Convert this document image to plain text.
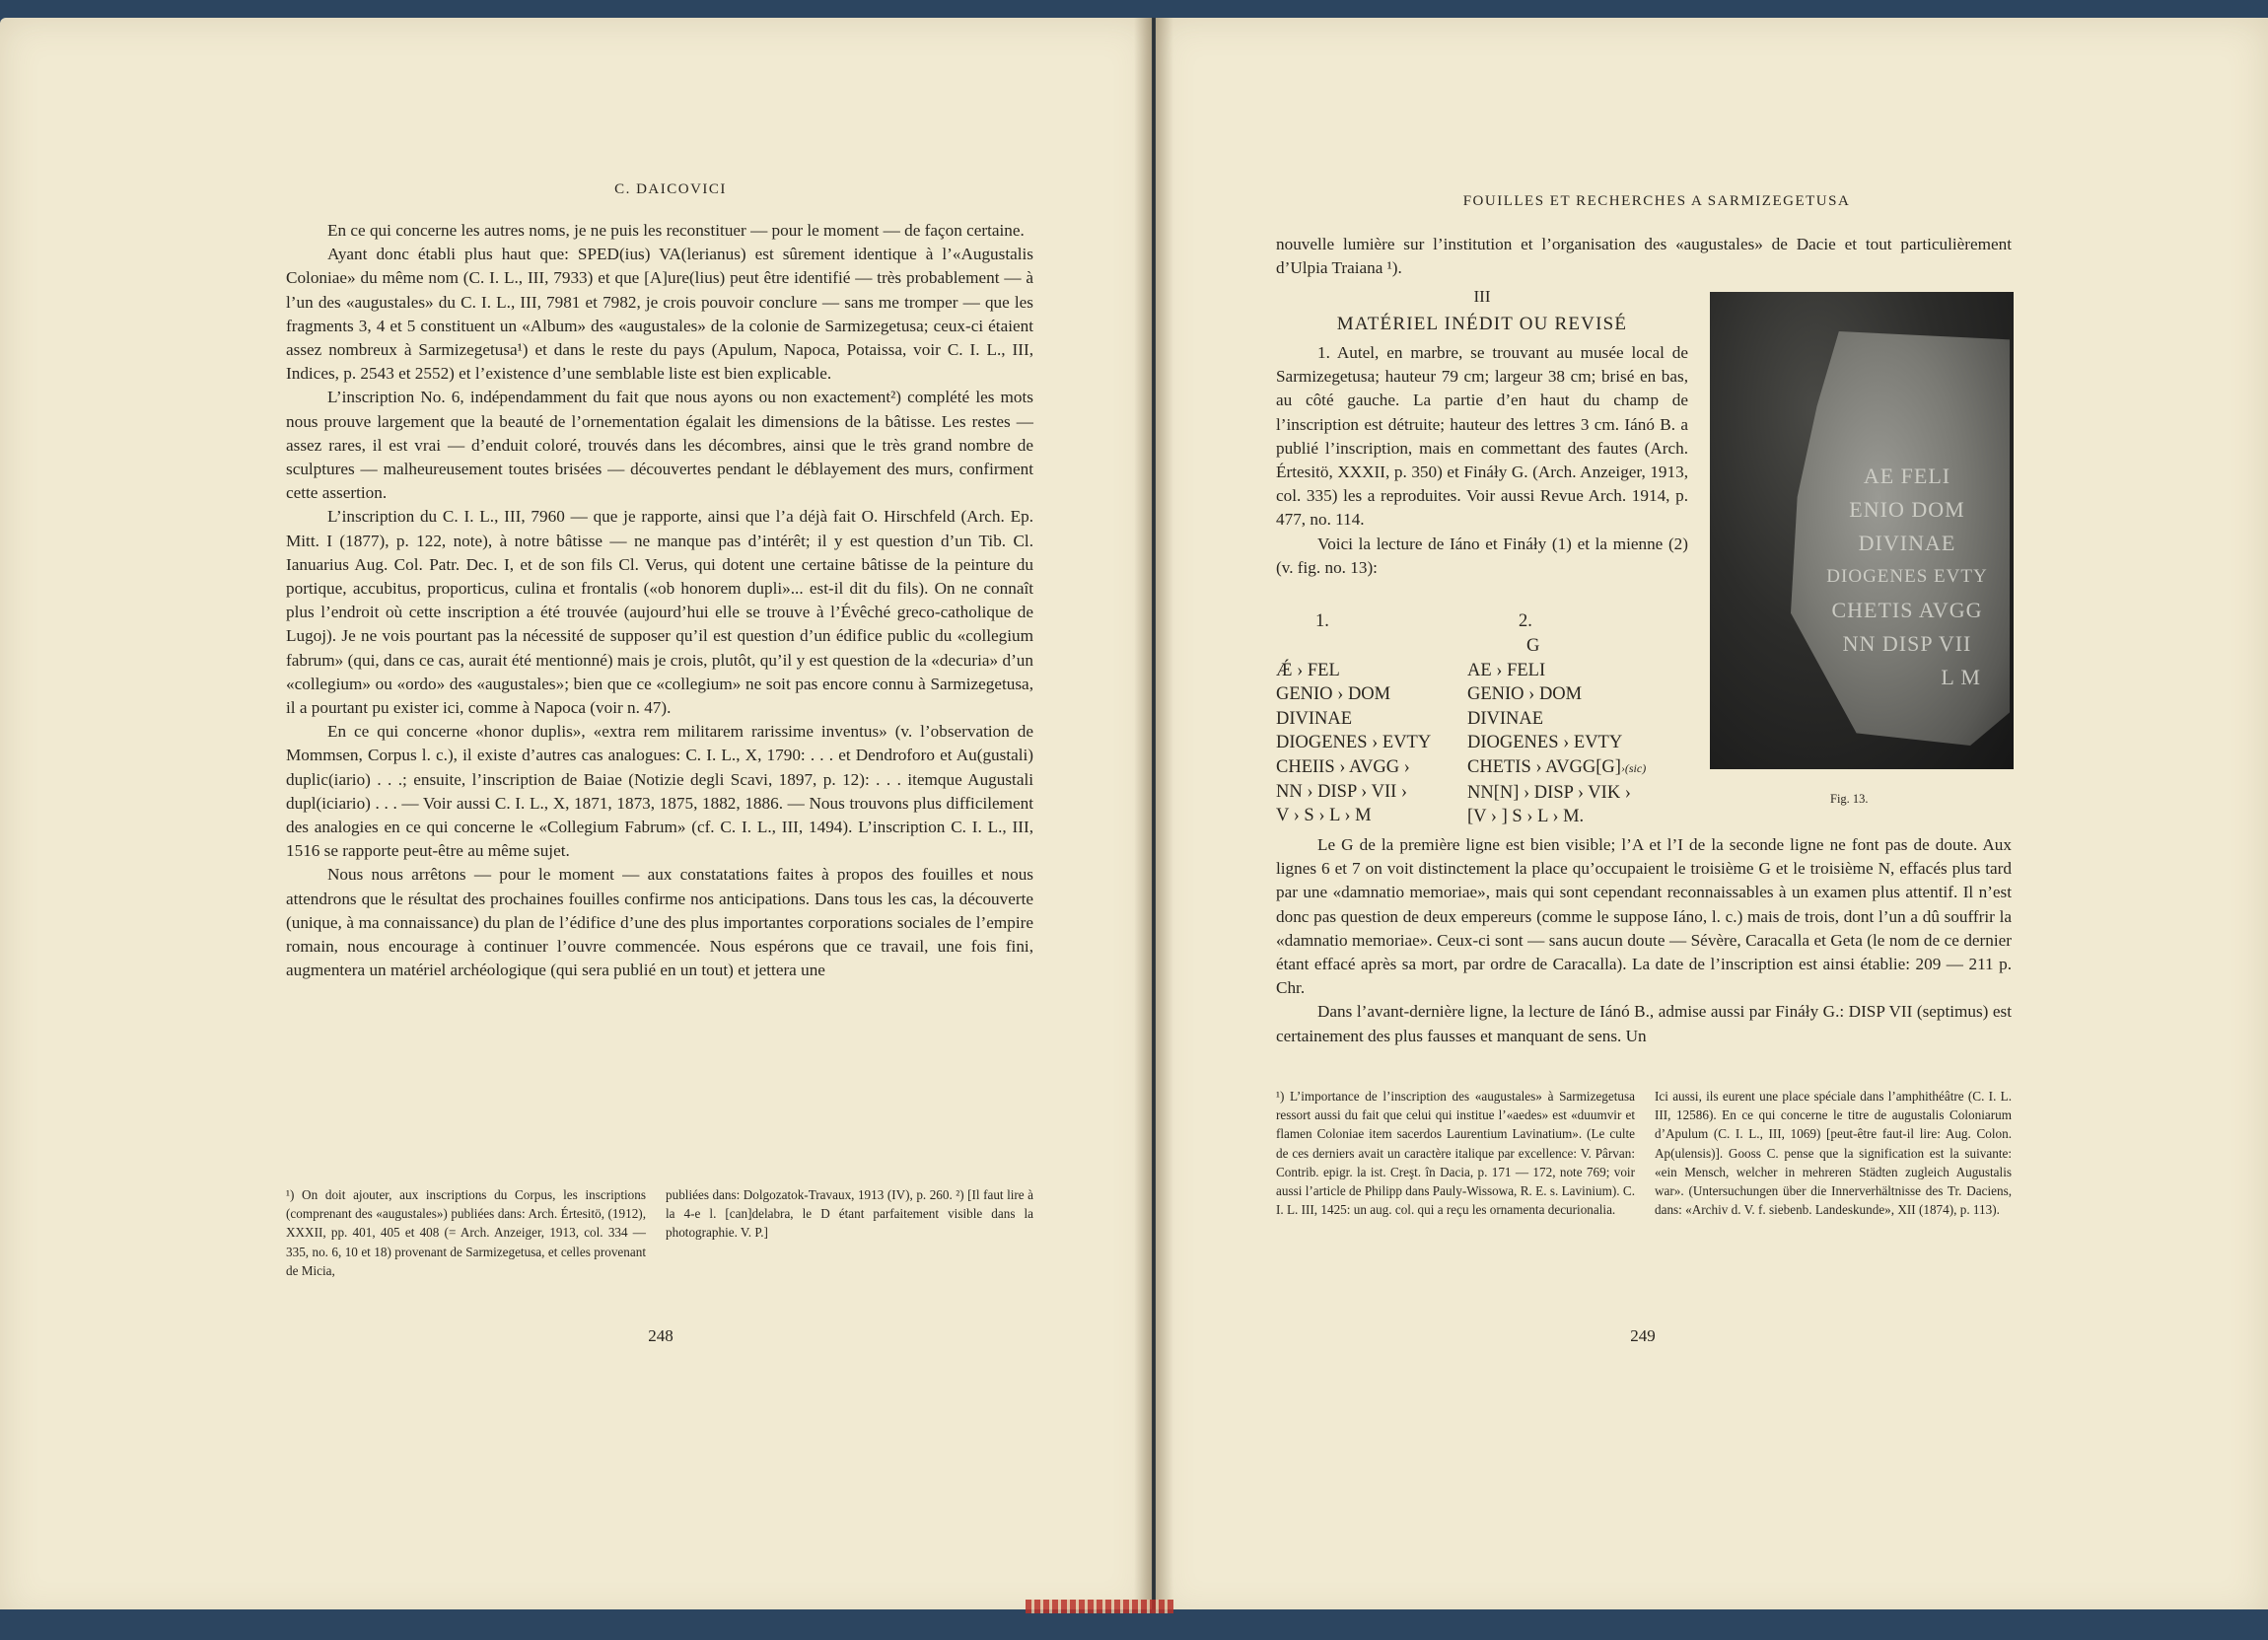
C. DAICOVICI

En ce qui concerne les autres noms, je ne puis les reconstituer — pour le moment — de façon certaine.

Ayant donc établi plus haut que: SPED(ius) VA(lerianus) est sûrement identique à l’«Augustalis Coloniae» du même nom (C. I. L., III, 7933) et que [A]ure(lius) peut être identifié — très probablement — à l’un des «augustales» du C. I. L., III, 7981 et 7982, je crois pouvoir conclure — sans me tromper — que les fragments 3, 4 et 5 constituent un «Album» des «augustales» de la colonie de Sarmizegetusa; ceux-ci étaient assez nombreux à Sarmizegetusa¹) et dans le reste du pays (Apulum, Napoca, Potaissa, voir C. I. L., III, Indices, p. 2543 et 2552) et l’existence d’une semblable liste est bien explicable.

L’inscription No. 6, indépendamment du fait que nous ayons ou non exactement²) complété les mots nous prouve largement que la beauté de l’ornementation égalait les dimensions de la bâtisse. Les restes — assez rares, il est vrai — d’enduit coloré, trouvés dans les décombres, ainsi que le très grand nombre de sculptures — malheureusement toutes brisées — découvertes pendant le déblayement des murs, confirment cette assertion.

L’inscription du C. I. L., III, 7960 — que je rapporte, ainsi que l’a déjà fait O. Hirschfeld (Arch. Ep. Mitt. I (1877), p. 122, note), à notre bâtisse — ne manque pas d’intérêt; il y est question d’un Tib. Cl. Ianuarius Aug. Col. Patr. Dec. I, et de son fils Cl. Verus, qui dotent une certaine bâtisse de la peinture du portique, accubitus, proporticus, culina et frontalis («ob honorem dupli»... est-il dit du fils). On ne connaît plus l’endroit où cette inscription a été trouvée (aujourd’hui elle se trouve à l’Évêché greco-catholique de Lugoj). Je ne vois pourtant pas la nécessité de supposer qu’il est question d’un édifice public du «collegium fabrum» (qui, dans ce cas, aurait été mentionné) mais je crois, plutôt, qu’il y est question de la «decuria» d’un «collegium» ou «ordo» des «augustales»; bien que ce «collegium» ne soit pas encore connu à Sarmizegetusa, il a pourtant pu exister ici, comme à Napoca (voir n. 47).

En ce qui concerne «honor duplis», «extra rem militarem rarissime inventus» (v. l’observation de Mommsen, Corpus l. c.), il existe d’autres cas analogues: C. I. L., X, 1790: . . . et Dendroforo et Au(gustali) duplic(iario) . . .; ensuite, l’inscription de Baiae (Notizie degli Scavi, 1897, p. 12): . . . itemque Augustali dupl(iciario) . . . — Voir aussi C. I. L., X, 1871, 1873, 1875, 1882, 1886. — Nous trouvons plus difficilement des analogies en ce qui concerne le «Collegium Fabrum» (cf. C. I. L., III, 1494). L’inscription C. I. L., III, 1516 se rapporte peut-être au même sujet.

Nous nous arrêtons — pour le moment — aux constatations faites à propos des fouilles et nous attendrons que le résultat des prochaines fouilles confirme nos anticipations. Dans tous les cas, la découverte (unique, à ma connaissance) du plan de l’édifice d’une des plus importantes corporations sociales de l’empire romain, nous encourage à continuer l’ouvre commencée. Nous espérons que ce travail, une fois fini, augmentera un matériel archéologique (qui sera publié en un tout) et jettera une

¹) On doit ajouter, aux inscriptions du Corpus, les inscriptions (comprenant des «augustales») publiées dans: Arch. Értesitö, (1912), XXXII, pp. 401, 405 et 408 (= Arch. Anzeiger, 1913, col. 334 — 335, no. 6, 10 et 18) provenant de Sarmizegetusa, et celles provenant de Micia,

publiées dans: Dolgozatok-Travaux, 1913 (IV), p. 260. ²) [Il faut lire à la 4-e l. [can]delabra, le D étant parfaitement visible dans la photographie. V. P.]

248
FOUILLES ET RECHERCHES A SARMIZEGETUSA

nouvelle lumière sur l’institution et l’organisation des «augustales» de Dacie et tout particulièrement d’Ulpia Traiana ¹).

III
MATÉRIEL INÉDIT OU REVISÉ

1. Autel, en marbre, se trouvant au musée local de Sarmizegetusa; hauteur 79 cm; largeur 38 cm; brisé en bas, au côté gauche. La partie d’en haut du champ de l’inscription est détruite; hauteur des lettres 3 cm. Iánó B. a publié l’inscription, mais en commettant des fautes (Arch. Értesitö, XXXII, p. 350) et Fináły G. (Arch. Anzeiger, 1913, col. 335) les a reproduites. Voir aussi Revue Arch. 1914, p. 477, no. 114.

Voici la lecture de Iáno et Fináły (1) et la mienne (2) (v. fig. no. 13):

1.	2.

Ǽ › FEL
GENIO › DOM
DIVINAE
DIOGENES › EVTY
CHEIIS › AVGG ›
NN › DISP › VII ›
V › S › L › M
G
AE › FELI
GENIO › DOM
DIVINAE
DIOGENES › EVTY
CHETIS › AVGG[G]›(sic)
NN[N] › DISP › VIK ›
[V › ] S › L › M.
AE FELI
ENIO DOM
DIVINAE
DIOGENES EVTY
CHETIS AVGG
NN DISP VII
L M
Fig. 13.

Le G de la première ligne est bien visible; l’A et l’I de la seconde ligne ne font pas de doute. Aux lignes 6 et 7 on voit distinctement la place qu’occupaient le troisième G et le troisième N, effacés plus tard par une «damnatio memoriae», mais qui sont cependant reconnaissables à un examen plus attentif. Il n’est donc pas question de deux empereurs (comme le suppose Iáno, l. c.) mais de trois, dont l’un a dû souffrir la «damnatio memoriae». Ceux-ci sont — sans aucun doute — Sévère, Caracalla et Geta (le nom de ce dernier étant effacé après sa mort, par ordre de Caracalla). La date de l’inscription est ainsi établie: 209 — 211 p. Chr.

Dans l’avant-dernière ligne, la lecture de Iánó B., admise aussi par Fináły G.: DISP VII (septimus) est certainement des plus fausses et manquant de sens. Un

¹) L’importance de l’inscription des «augustales» à Sarmizegetusa ressort aussi du fait que celui qui institue l’«aedes» est «duumvir et flamen Coloniae item sacerdos Laurentium Lavinatium». (Le culte de ces derniers avait un caractère italique par excellence: V. Pârvan: Contrib. epigr. la ist. Creşt. în Dacia, p. 171 — 172, note 769; voir aussi l’article de Philipp dans Pauly-Wissowa, R. E. s. Lavinium). C. I. L. III, 1425: un aug. col. qui a reçu les ornamenta decurionalia.

Ici aussi, ils eurent une place spéciale dans l’amphithéâtre (C. I. L. III, 12586). En ce qui concerne le titre de augustalis Coloniarum d’Apulum (C. I. L., III, 1069) [peut-être faut-il lire: Aug. Colon. Ap(ulensis)]. Gooss C. pense que la signification est la suivante: «ein Mensch, welcher in mehreren Städten zugleich Augustalis war». (Untersuchungen über die Innerverhältnisse des Tr. Daciens, dans: «Archiv d. V. f. siebenb. Landeskunde», XII (1874), p. 113).

249
